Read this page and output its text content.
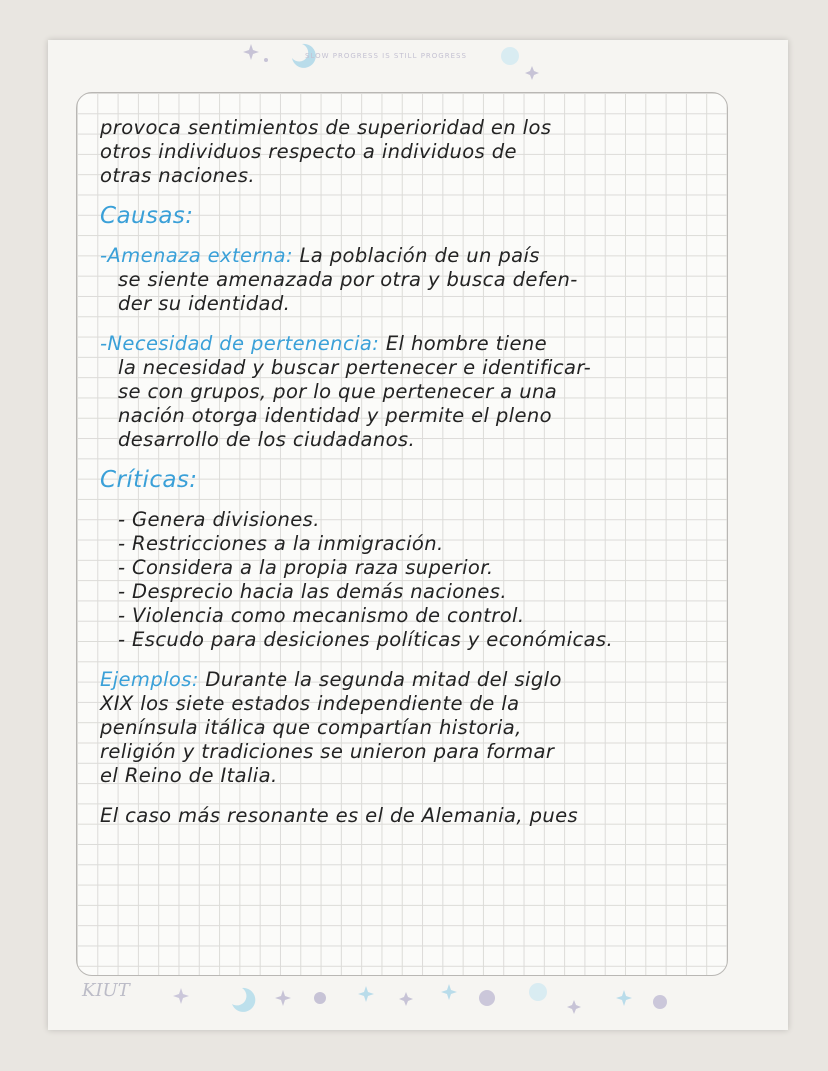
SLOW PROGRESS IS STILL PROGRESS
provoca sentimientos de superioridad en los
otros individuos respecto a individuos de
otras naciones.
Causas:
-Amenaza externa: La población de un país
se siente amenazada por otra y busca defen-
der su identidad.
-Necesidad de pertenencia: El hombre tiene
la necesidad y buscar pertenecer e identificar-
se con grupos, por lo que pertenecer a una
nación otorga identidad y permite el pleno
desarrollo de los ciudadanos.
Críticas:
- Genera divisiones.
- Restricciones a la inmigración.
- Considera a la propia raza superior.
- Desprecio hacia las demás naciones.
- Violencia como mecanismo de control.
- Escudo para desiciones políticas y económicas.
Ejemplos: Durante la segunda mitad del siglo
XIX los siete estados independiente de la
península itálica que compartían historia,
religión y tradiciones se unieron para formar
el Reino de Italia.
El caso más resonante es el de Alemania, pues
KIUT
